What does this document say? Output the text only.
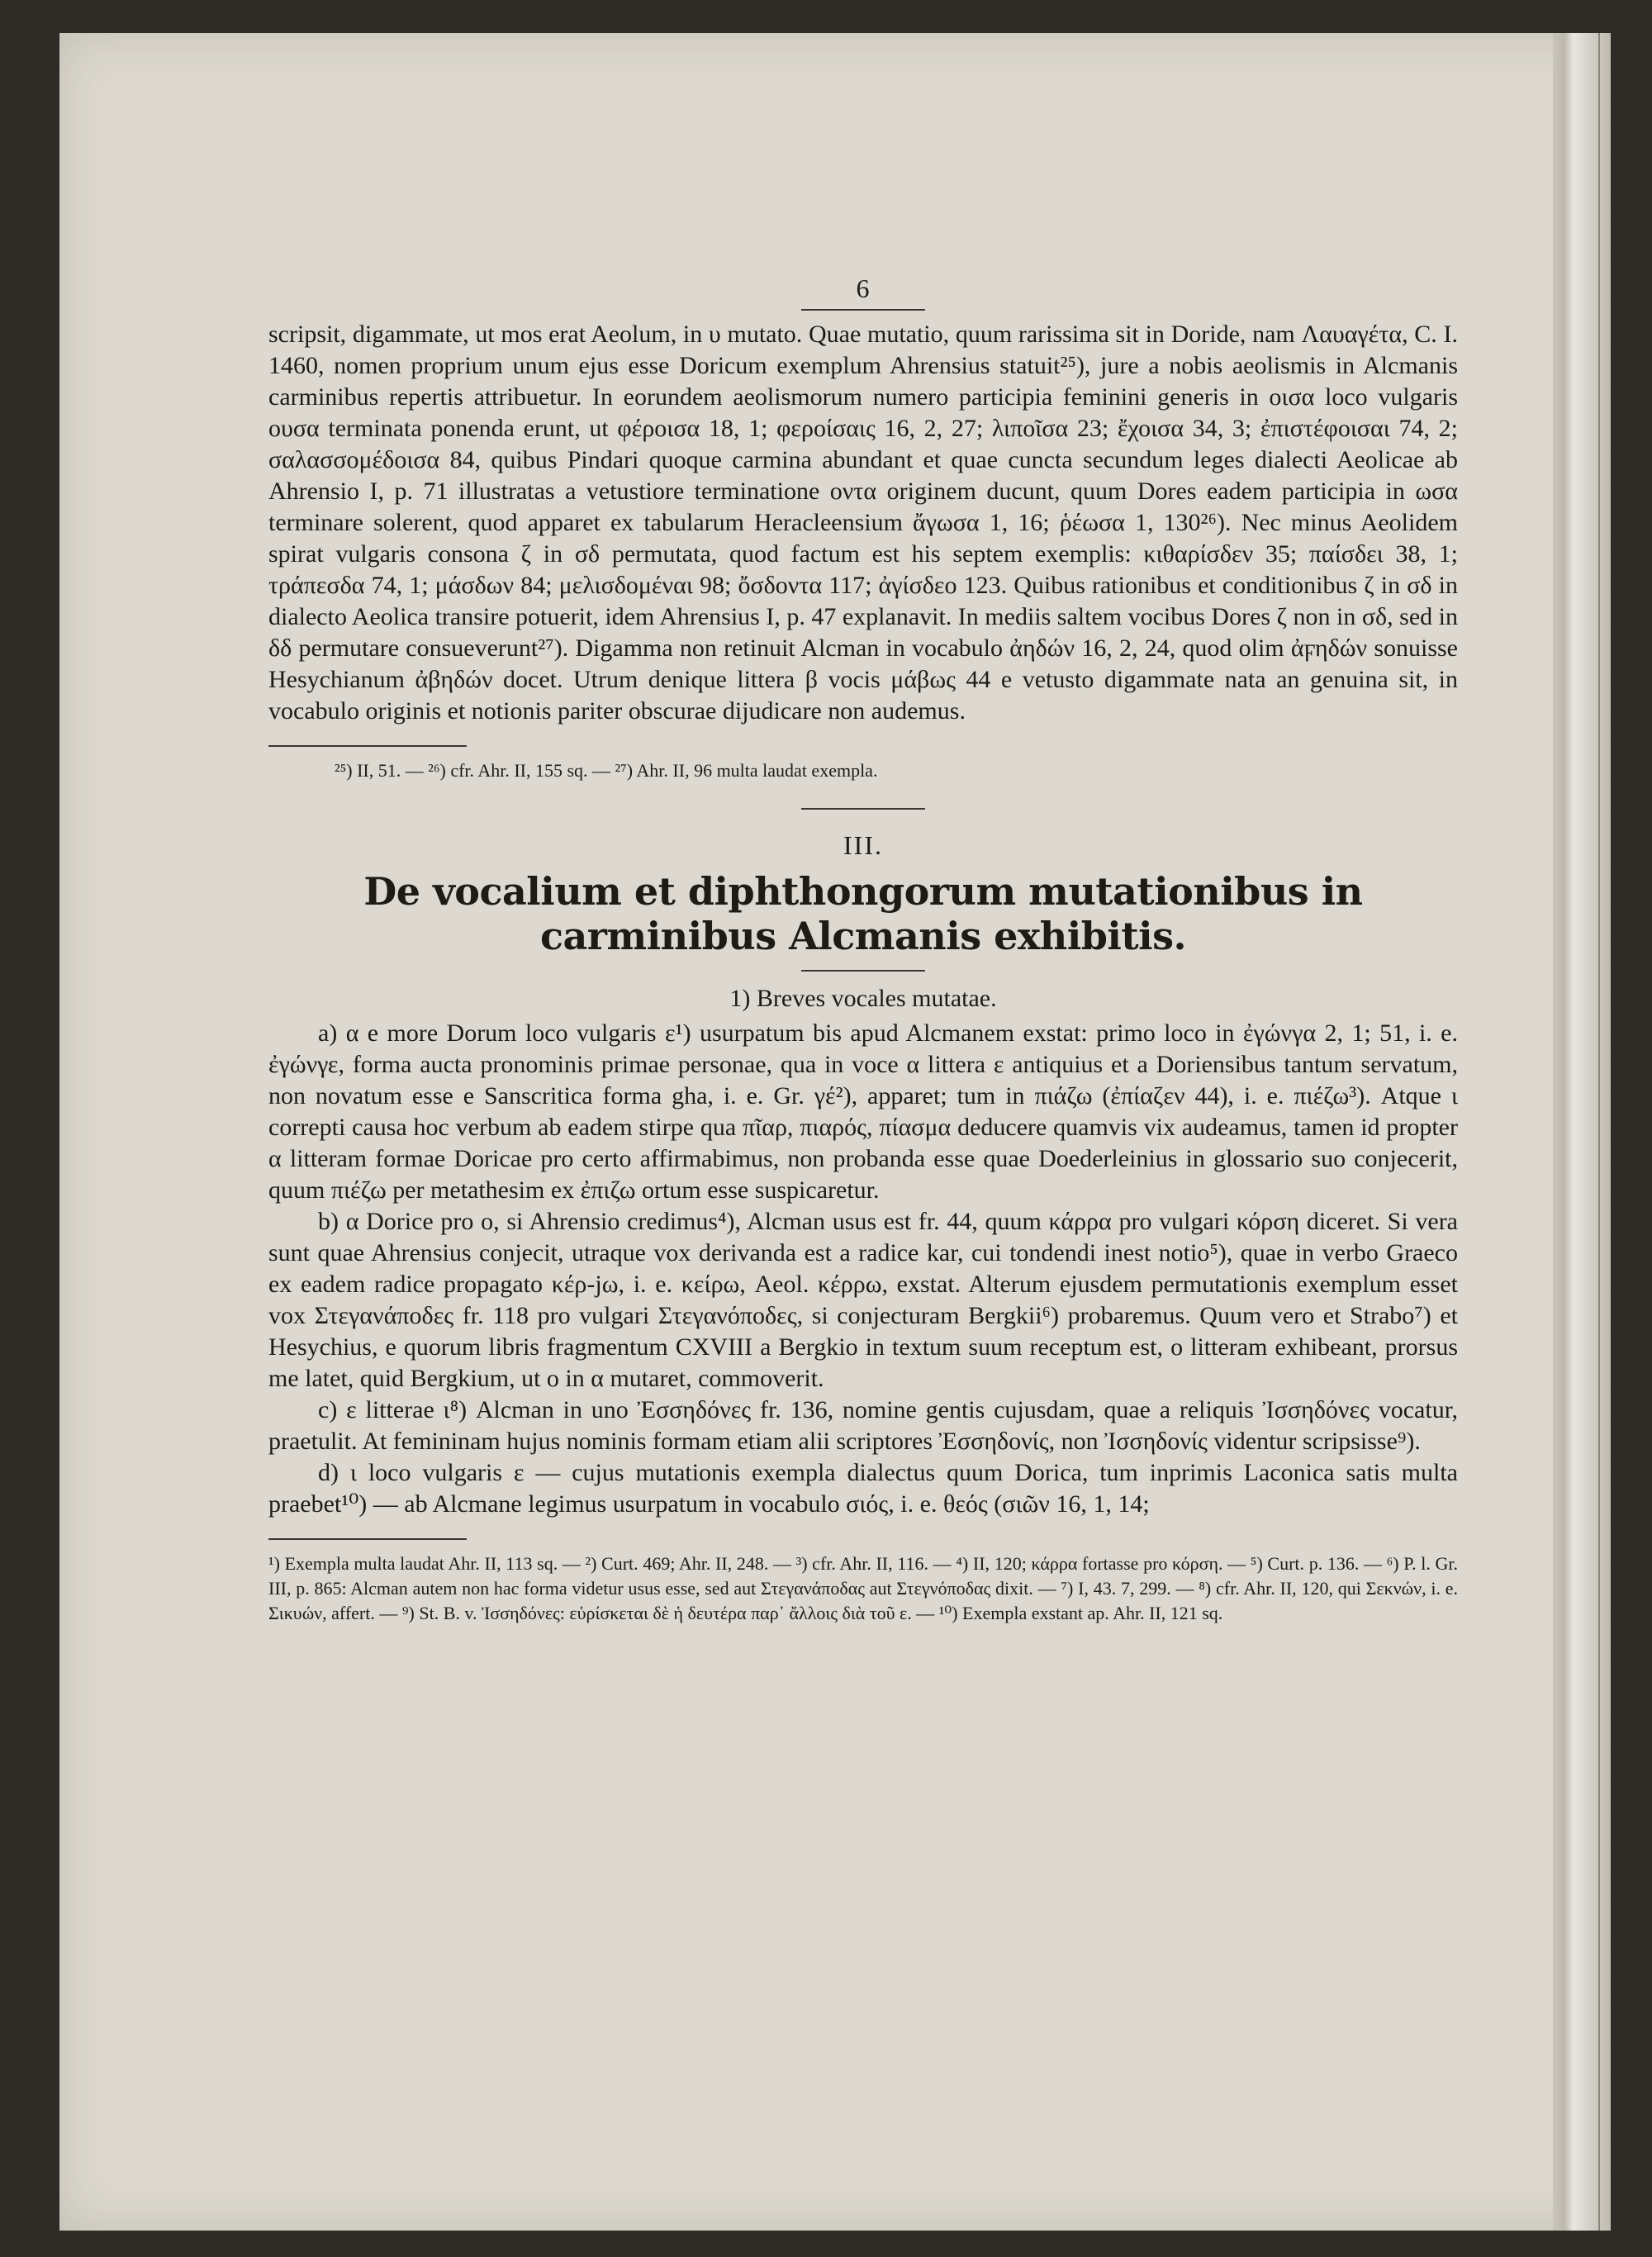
6

scripsit, digammate, ut mos erat Aeolum, in υ mutato. Quae mutatio, quum rarissima sit in Doride, nam Λαυαγέτα, C. I. 1460, nomen proprium unum ejus esse Doricum exemplum Ahrensius statuit²⁵), jure a nobis aeolismis in Alcmanis carminibus repertis attribuetur. In eorundem aeolismorum numero participia feminini generis in οισα loco vulgaris ουσα terminata ponenda erunt, ut φέροισα 18, 1; φεροίσαις 16, 2, 27; λιποῖσα 23; ἔχοισα 34, 3; ἐπιστέφοισαι 74, 2; σαλασσομέδοισα 84, quibus Pindari quoque carmina abundant et quae cuncta secundum leges dialecti Aeolicae ab Ahrensio I, p. 71 illustratas a vetustiore terminatione οντα originem ducunt, quum Dores eadem participia in ωσα terminare solerent, quod apparet ex tabularum Heracleensium ἄγωσα 1, 16; ῥέωσα 1, 130²⁶). Nec minus Aeolidem spirat vulgaris consona ζ in σδ permutata, quod factum est his septem exemplis: κιθαρίσδεν 35; παίσδει 38, 1; τράπεσδα 74, 1; μάσδων 84; μελισδομέναι 98; ὄσδοντα 117; ἀγίσδεο 123. Quibus rationibus et conditionibus ζ in σδ in dialecto Aeolica transire potuerit, idem Ahrensius I, p. 47 explanavit. In mediis saltem vocibus Dores ζ non in σδ, sed in δδ permutare consueverunt²⁷). Digamma non retinuit Alcman in vocabulo ἀηδών 16, 2, 24, quod olim ἀϝηδών sonuisse Hesychianum ἀβηδών docet. Utrum denique littera β vocis μάβως 44 e vetusto digammate nata an genuina sit, in vocabulo originis et notionis pariter obscurae dijudicare non audemus.

²⁵) II, 51. — ²⁶) cfr. Ahr. II, 155 sq. — ²⁷) Ahr. II, 96 multa laudat exempla.

III.
De vocalium et diphthongorum mutationibus in carminibus Alcmanis exhibitis.
1) Breves vocales mutatae.

a) α e more Dorum loco vulgaris ε¹) usurpatum bis apud Alcmanem exstat: primo loco in ἐγώνγα 2, 1; 51, i. e. ἐγώνγε, forma aucta pronominis primae personae, qua in voce α littera ε antiquius et a Doriensibus tantum servatum, non novatum esse e Sanscritica forma gha, i. e. Gr. γέ²), apparet; tum in πιάζω (ἐπίαζεν 44), i. e. πιέζω³). Atque ι correpti causa hoc verbum ab eadem stirpe qua πῖαρ, πιαρός, πίασμα deducere quamvis vix audeamus, tamen id propter α litteram formae Doricae pro certo affirmabimus, non probanda esse quae Doederleinius in glossario suo conjecerit, quum πιέζω per metathesim ex ἐπιζω ortum esse suspicaretur.

b) α Dorice pro ο, si Ahrensio credimus⁴), Alcman usus est fr. 44, quum κάρρα pro vulgari κόρση diceret. Si vera sunt quae Ahrensius conjecit, utraque vox derivanda est a radice kar, cui tondendi inest notio⁵), quae in verbo Graeco ex eadem radice propagato κέρ-jω, i. e. κείρω, Aeol. κέρρω, exstat. Alterum ejusdem permutationis exemplum esset vox Στεγανάποδες fr. 118 pro vulgari Στεγανόποδες, si conjecturam Bergkii⁶) probaremus. Quum vero et Strabo⁷) et Hesychius, e quorum libris fragmentum CXVIII a Bergkio in textum suum receptum est, ο litteram exhibeant, prorsus me latet, quid Bergkium, ut ο in α mutaret, commoverit.

c) ε litterae ι⁸) Alcman in uno Ἐσσηδόνες fr. 136, nomine gentis cujusdam, quae a reliquis Ἰσσηδόνες vocatur, praetulit. At femininam hujus nominis formam etiam alii scriptores Ἐσσηδονίς, non Ἰσσηδονίς videntur scripsisse⁹).

d) ι loco vulgaris ε — cujus mutationis exempla dialectus quum Dorica, tum inprimis Laconica satis multa praebet¹⁰) — ab Alcmane legimus usurpatum in vocabulo σιός, i. e. θεός (σιῶν 16, 1, 14;

¹) Exempla multa laudat Ahr. II, 113 sq. — ²) Curt. 469; Ahr. II, 248. — ³) cfr. Ahr. II, 116. — ⁴) II, 120; κάρρα fortasse pro κόρση. — ⁵) Curt. p. 136. — ⁶) P. l. Gr. III, p. 865: Alcman autem non hac forma videtur usus esse, sed aut Στεγανάποδας aut Στεγνόποδας dixit. — ⁷) I, 43. 7, 299. — ⁸) cfr. Ahr. II, 120, qui Σεκνών, i. e. Σικυών, affert. — ⁹) St. B. v. Ἰσσηδόνες: εὑρίσκεται δὲ ἡ δευτέρα παρ᾽ ἄλλοις διὰ τοῦ ε. — ¹⁰) Exempla exstant ap. Ahr. II, 121 sq.
